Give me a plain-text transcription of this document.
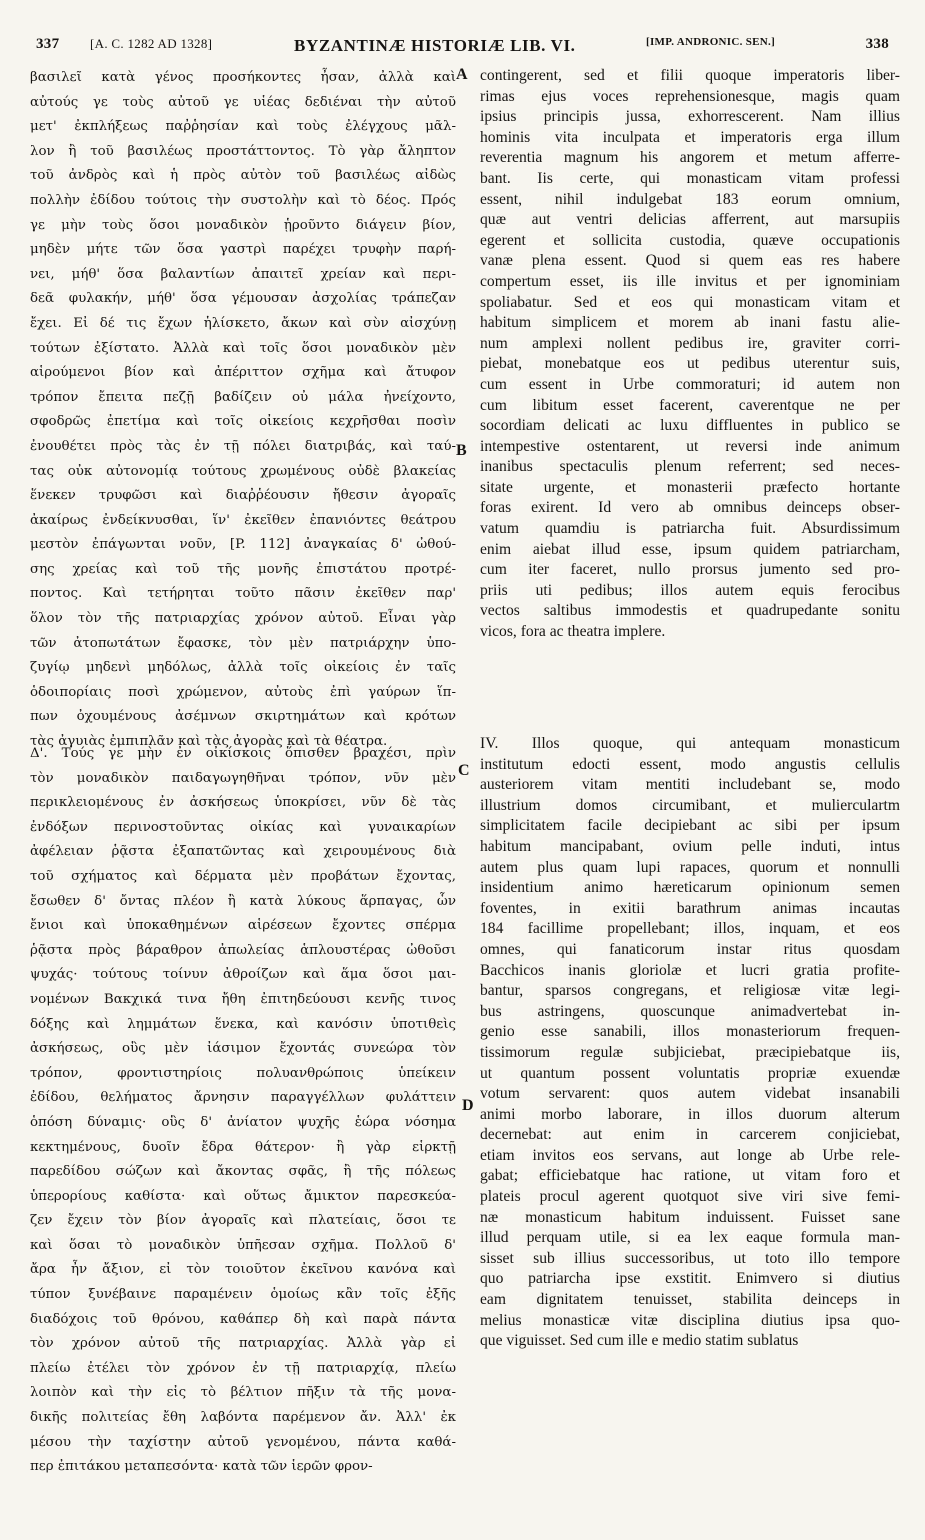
337 [A. C. 1282 AD 1328]	BYZANTINÆ HISTORIÆ LIB. VI.	[IMP. ANDRONIC. SEN.]	338
βασιλεῖ κατὰ γένος προσήκοντες ἦσαν, ἀλλὰ καὶ
αὐτούς γε τοὺς αὐτοῦ γε υἱέας δεδιέναι τὴν αὐτοῦ
μετ' ἐκπλήξεως παῤῥησίαν καὶ τοὺς ἐλέγχους μᾶλ-
λον ἢ τοῦ βασιλέως προστάττοντος. Τὸ γὰρ ἄληπτον
τοῦ ἀνδρὸς καὶ ἡ πρὸς αὐτὸν τοῦ βασιλέως αἰδὼς
πολλὴν ἐδίδου τούτοις τὴν συστολὴν καὶ τὸ δέος. Πρός
γε μὴν τοὺς ὅσοι μοναδικὸν ᾑροῦντο διάγειν βίον,
μηδὲν μήτε τῶν ὅσα γαστρὶ παρέχει τρυφὴν παρή-
νει, μήθ' ὅσα βαλαντίων ἀπαιτεῖ χρείαν καὶ περι-
δεᾶ φυλακήν, μήθ' ὅσα γέμουσαν ἀσχολίας τράπεζαν
ἔχει. Εἰ δέ τις ἔχων ἡλίσκετο, ἄκων καὶ σὺν αἰσχύνῃ
τούτων ἐξίστατο. Ἀλλὰ καὶ τοῖς ὅσοι μοναδικὸν μὲν
αἱρούμενοι βίον καὶ ἀπέριττον σχῆμα καὶ ἄτυφον
τρόπον ἔπειτα πεζῇ βαδίζειν οὐ μάλα ἠνείχοντο,
σφοδρῶς ἐπετίμα καὶ τοῖς οἰκείοις κεχρῆσθαι ποσὶν
ἐνουθέτει πρὸς τὰς ἐν τῇ πόλει διατριβάς, καὶ ταύ-
τας οὐκ αὐτονομίᾳ τούτους χρωμένους οὐδὲ βλακείας
ἕνεκεν τρυφῶσι καὶ διαῤῥέουσιν ἤθεσιν ἀγοραῖς
ἀκαίρως ἐνδείκνυσθαι, ἵν' ἐκεῖθεν ἐπανιόντες θεάτρου
μεστὸν ἐπάγωνται νοῦν, [P. 112] ἀναγκαίας δ' ὠθού-
σης χρείας καὶ τοῦ τῆς μονῆς ἐπιστάτου προτρέ-
ποντος. Καὶ τετήρηται τοῦτο πᾶσιν ἐκεῖθεν παρ'
ὅλον τὸν τῆς πατριαρχίας χρόνον αὐτοῦ. Εἶναι γὰρ
τῶν ἀτοπωτάτων ἔφασκε, τὸν μὲν πατριάρχην ὑπο-
ζυγίῳ μηδενὶ μηδόλως, ἀλλὰ τοῖς οἰκείοις ἐν ταῖς
ὁδοιπορίαις ποσὶ χρώμενον, αὐτοὺς ἐπὶ γαύρων ἵπ-
πων ὀχουμένους ἀσέμνων σκιρτημάτων καὶ κρότων
τὰς ἀγυιὰς ἐμπιπλᾶν καὶ τὰς ἀγορὰς καὶ τὰ θέατρα.
Δ'. Τούς γε μὴν ἐν οἰκίσκοις ὅπισθεν βραχέσι, πρὶν
τὸν μοναδικὸν παιδαγωγηθῆναι τρόπον, νῦν μὲν
περικλειομένους ἐν ἀσκήσεως ὑποκρίσει, νῦν δὲ τὰς
ἐνδόξων περινοστοῦντας οἰκίας καὶ γυναικαρίων
ἀφέλειαν ῥᾷστα ἐξαπατῶντας καὶ χειρουμένους διὰ
τοῦ σχήματος καὶ δέρματα μὲν προβάτων ἔχοντας,
ἔσωθεν δ' ὄντας πλέον ἢ κατὰ λύκους ἅρπαγας, ὧν
ἔνιοι καὶ ὑποκαθημένων αἱρέσεων ἔχοντες σπέρμα
ῥᾷστα πρὸς βάραθρον ἀπωλείας ἁπλουστέρας ὠθοῦσι
ψυχάς· τούτους τοίνυν ἀθροίζων καὶ ἅμα ὅσοι μαι-
νομένων Βακχικά τινα ἤθη ἐπιτηδεύουσι κενῆς τινος
δόξης καὶ λημμάτων ἕνεκα, καὶ κανόσιν ὑποτιθεὶς
ἀσκήσεως, οὓς μὲν ἰάσιμον ἔχοντάς συνεώρα τὸν
τρόπον, φροντιστηρίοις πολυανθρώποις ὑπείκειν
ἐδίδου, θελήματος ἄρνησιν παραγγέλλων φυλάττειν
ὁπόση δύναμις· οὓς δ' ἀνίατον ψυχῆς ἑώρα νόσημα
κεκτημένους, δυοῖν ἔδρα θάτερον· ἢ γὰρ εἱρκτῇ
παρεδίδου σώζων καὶ ἄκοντας σφᾶς, ἢ τῆς πόλεως
ὑπερορίους καθίστα· καὶ οὕτως ἄμικτον παρεσκεύα-
ζεν ἔχειν τὸν βίον ἀγοραῖς καὶ πλατείαις, ὅσοι τε
καὶ ὅσαι τὸ μοναδικὸν ὑπῆεσαν σχῆμα. Πολλοῦ δ'
ἄρα ἦν ἄξιον, εἰ τὸν τοιοῦτον ἐκεῖνου κανόνα καὶ
τύπον ξυνέβαινε παραμένειν ὁμοίως κἂν τοῖς ἐξῆς
διαδόχοις τοῦ θρόνου, καθάπερ δὴ καὶ παρὰ πάντα
τὸν χρόνον αὐτοῦ τῆς πατριαρχίας. Ἀλλὰ γὰρ εἰ
πλείω ἐτέλει τὸν χρόνον ἐν τῇ πατριαρχίᾳ, πλείω
λοιπὸν καὶ τὴν εἰς τὸ βέλτιον πῆξιν τὰ τῆς μονα-
δικῆς πολιτείας ἔθη λαβόντα παρέμενον ἄν. Ἀλλ' ἐκ
μέσου τὴν ταχίστην αὐτοῦ γενομένου, πάντα καθά-
περ ἐπιτάκου μεταπεσόντα· κατὰ τῶν ἱερῶν φρον-
A
B
C
D
contingerent, sed et filii quoque imperatoris liber-
rimas ejus voces reprehensionesque, magis quam
ipsius principis jussa, exhorrescerent. Nam illius
hominis vita inculpata et imperatoris erga illum
reverentia magnum his angorem et metum afferre-
bant. Iis certe, qui monasticam vitam professi
essent, nihil indulgebat 183 eorum omnium,
quæ aut ventri delicias afferrent, aut marsupiis
egerent et sollicita custodia, quæve occupationis
vanæ plena essent. Quod si quem eas res habere
compertum esset, iis ille invitus et per ignominiam
spoliabatur. Sed et eos qui monasticam vitam et
habitum simplicem et morem ab inani fastu alie-
num amplexi nollent pedibus ire, graviter corri-
piebat, monebatque eos ut pedibus uterentur suis,
cum essent in Urbe commoraturi; id autem non
cum libitum esset facerent, caverentque ne per
socordiam delicati ac luxu diffluentes in publico se
intempestive ostentarent, ut reversi inde animum
inanibus spectaculis plenum referrent; sed neces-
sitate urgente, et monasterii præfecto hortante
foras exirent. Id vero ab omnibus deinceps obser-
vatum quamdiu is patriarcha fuit. Absurdissimum
enim aiebat illud esse, ipsum quidem patriarcham,
cum iter faceret, nullo prorsus jumento sed pro-
priis uti pedibus; illos autem equis ferocibus
vectos saltibus immodestis et quadrupedante sonitu
vicos, fora ac theatra implere.
IV. Illos quoque, qui antequam monasticum
institutum edocti essent, modo angustis cellulis
austeriorem vitam mentiti includebant se, modo
illustrium domos circumibant, et mulierculartm
simplicitatem facile decipiebant ac sibi per ipsum
habitum mancipabant, ovium pelle induti, intus
autem plus quam lupi rapaces, quorum et nonnulli
insidentium animo hæreticarum opinionum semen
foventes, in exitii barathrum animas incautas
184 facillime propellebant; illos, inquam, et eos
omnes, qui fanaticorum instar ritus quosdam
Bacchicos inanis gloriolæ et lucri gratia profite-
bantur, sparsos congregans, et religiosæ vitæ legi-
bus astringens, quoscunque animadvertebat in-
genio esse sanabili, illos monasteriorum frequen-
tissimorum regulæ subjiciebat, præcipiebatque iis,
ut quantum possent voluntatis propriæ exuendæ
votum servarent: quos autem videbat insanabili
animi morbo laborare, in illos duorum alterum
decernebat: aut enim in carcerem conjiciebat,
etiam invitos eos servans, aut longe ab Urbe rele-
gabat; efficiebatque hac ratione, ut vitam foro et
plateis procul agerent quotquot sive viri sive femi-
næ monasticum habitum induissent. Fuisset sane
illud perquam utile, si ea lex eaque formula man-
sisset sub illius successoribus, ut toto illo tempore
quo patriarcha ipse exstitit. Enimvero si diutius
eam dignitatem tenuisset, stabilita deinceps in
melius monasticæ vitæ disciplina diutius ipsa quo-
que viguisset. Sed cum ille e medio statim sublatus
